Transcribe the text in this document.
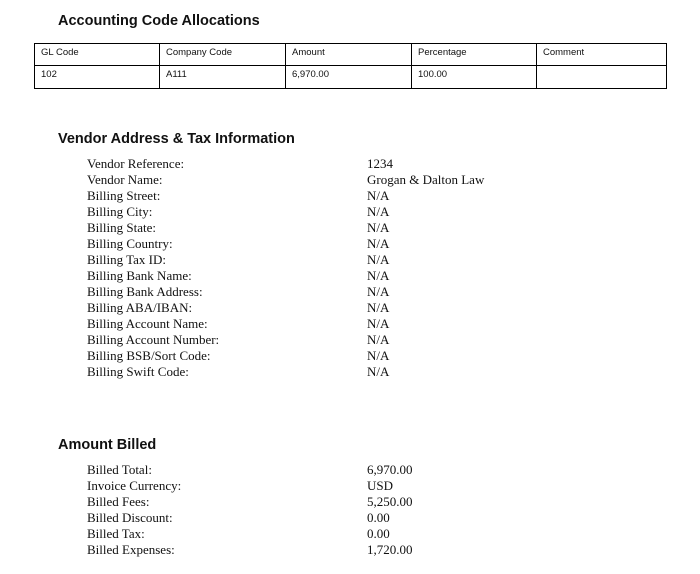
Accounting Code Allocations
GL Code	Company Code	Amount	Percentage	Comment
102	A111	6,970.00	100.00	
Vendor Address & Tax Information
Vendor Reference:	1234
Vendor Name:	Grogan & Dalton Law
Billing Street:	N/A
Billing City:	N/A
Billing State:	N/A
Billing Country:	N/A
Billing Tax ID:	N/A
Billing Bank Name:	N/A
Billing Bank Address:	N/A
Billing ABA/IBAN:	N/A
Billing Account Name:	N/A
Billing Account Number:	N/A
Billing BSB/Sort Code:	N/A
Billing Swift Code:	N/A
Amount Billed
Billed Total:	6,970.00
Invoice Currency:	USD
Billed Fees:	5,250.00
Billed Discount:	0.00
Billed Tax:	0.00
Billed Expenses:	1,720.00
